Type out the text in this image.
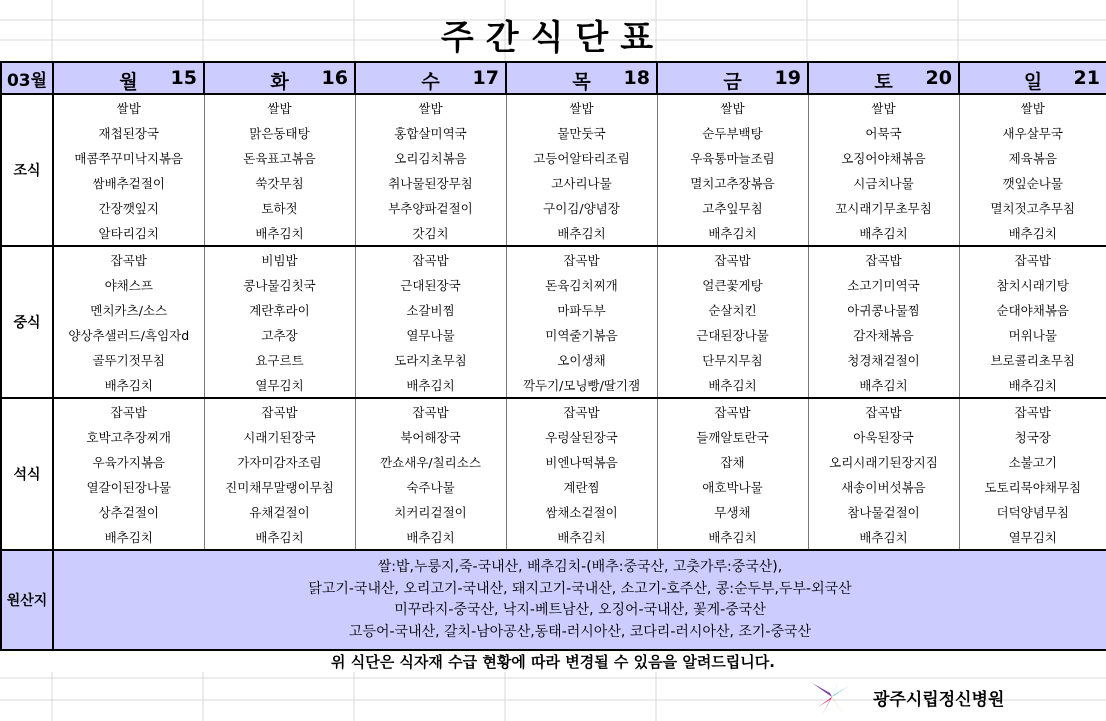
주간식단표
03월	월 15	화 16	수 17	목 18	금 19	토 20	일 21

조식	쌀밥	쌀밥	쌀밥	쌀밥	쌀밥	쌀밥	쌀밥
	재첩된장국	맑은동태탕	홍합살미역국	물만둣국	순두부백탕	어묵국	새우살무국
	매콤쭈꾸미낙지볶음	돈육표고볶음	오리김치볶음	고등어알타리조림	우육통마늘조림	오징어야채볶음	제육볶음
	쌈배추겉절이	쑥갓무침	취나물된장무침	고사리나물	멸치고추장볶음	시금치나물	깻잎순나물
	간장깻잎지	토하젓	부추양파겉절이	구이김/양념장	고추잎무침	꼬시래기무초무침	멸치젓고추무침
	알타리김치	배추김치	갓김치	배추김치	배추김치	배추김치	배추김치
중식	잡곡밥	비빔밥	잡곡밥	잡곡밥	잡곡밥	잡곡밥	잡곡밥
	야채스프	콩나물김칫국	근대된장국	돈육김치찌개	얼큰꽃게탕	소고기미역국	참치시래기탕
	멘치카츠/소스	계란후라이	소갈비찜	마파두부	순살치킨	아귀콩나물찜	순대야채볶음
	양상추샐러드/흑임자d	고추장	열무나물	미역줄기볶음	근대된장나물	감자채볶음	머위나물
	골뚜기젓무침	요구르트	도라지초무침	오이생채	단무지무침	청경채겉절이	브로콜리초무침
	배추김치	열무김치	배추김치	깍두기/모닝빵/딸기잼	배추김치	배추김치	배추김치
석식	잡곡밥	잡곡밥	잡곡밥	잡곡밥	잡곡밥	잡곡밥	잡곡밥
	호박고추장찌개	시래기된장국	북어해장국	우렁살된장국	들깨알토란국	아욱된장국	청국장
	우육가지볶음	가자미감자조림	깐쇼새우/칠리소스	비엔나떡볶음	잡채	오리시래기된장지짐	소불고기
	열갈이된장나물	진미채무말랭이무침	숙주나물	계란찜	애호박나물	새송이버섯볶음	도토리묵야채무침
	상추겉절이	유채겉절이	치커리겉절이	쌈채소겉절이	무생채	참나물겉절이	더덕양념무침
	배추김치	배추김치	배추김치	배추김치	배추김치	배추김치	열무김치
원산지	쌀:밥,누룽지,죽-국내산, 배추김치-(배추:중국산, 고춧가루:중국산),
닭고기-국내산, 오리고기-국내산, 돼지고기-국내산, 소고기-호주산, 콩:순두부,두부-외국산
미꾸라지-중국산, 낙지-베트남산, 오징어-국내산, 꽃게-중국산
고등어-국내산, 갈치-남아공산,동태-러시아산, 코다리-러시아산, 조기-중국산						
위 식단은 식자재 수급 현황에 따라 변경될 수 있음을 알려드립니다.
광주시립정신병원
